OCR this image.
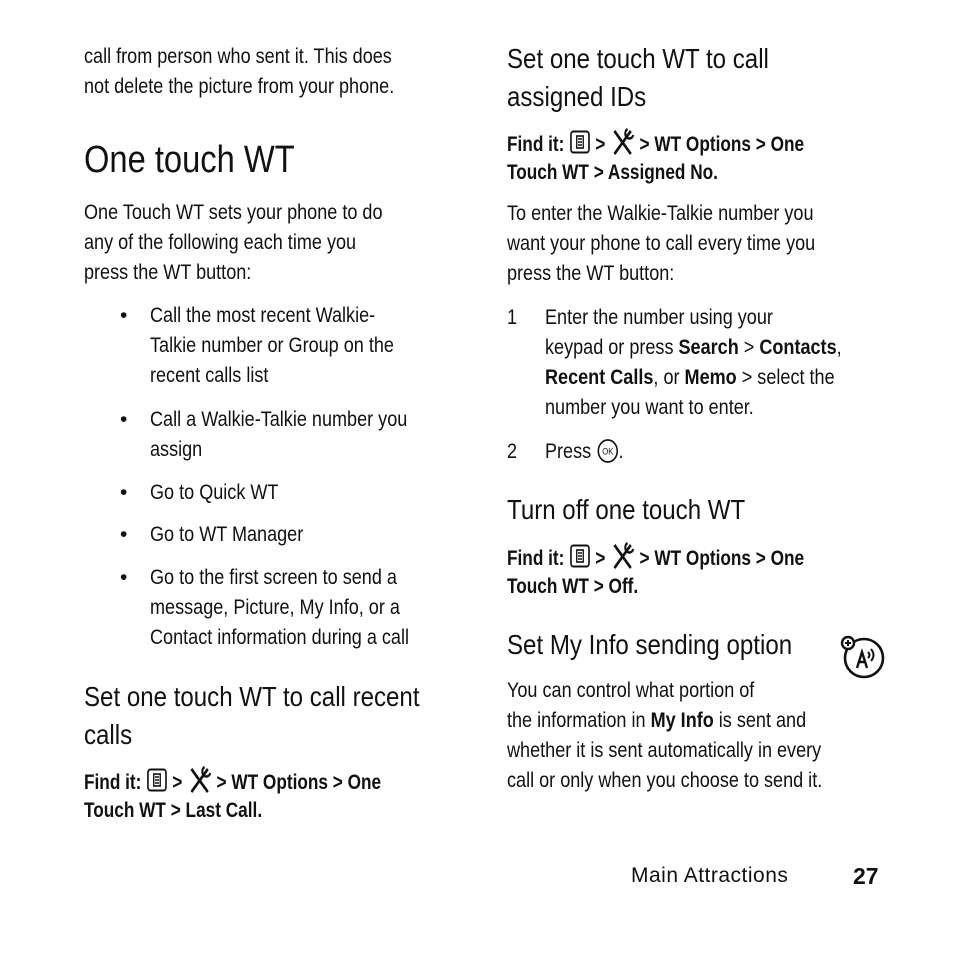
call from person who sent it. This does

not delete the picture from your phone.

One touch WT

One Touch WT sets your phone to do

any of the following each time you

press the WT button:

• Call the most recent Walkie-

Talkie number or Group on the

recent calls list

• Call a Walkie-Talkie number you

assign

• Go to Quick WT

• Go to WT Manager

• Go to the first screen to send a

message, Picture, My Info, or a

Contact information during a call

Set one touch WT to call recent
calls

Find it: > > WT Options > One

Touch WT > Last Call.

Set one touch WT to call
assigned IDs

Find it: > > WT Options > One

Touch WT > Assigned No.

To enter the Walkie-Talkie number you

want your phone to call every time you

press the WT button:

1 Enter the number using your

keypad or press Search > Contacts,

Recent Calls, or Memo > select the

number you want to enter.

2 Press OK .

Turn off one touch WT

Find it: > > WT Options > One

Touch WT > Off.

Set My Info sending option

You can control what portion of

the information in My Info is sent and

whether it is sent automatically in every

call or only when you choose to send it.

Main Attractions	27
